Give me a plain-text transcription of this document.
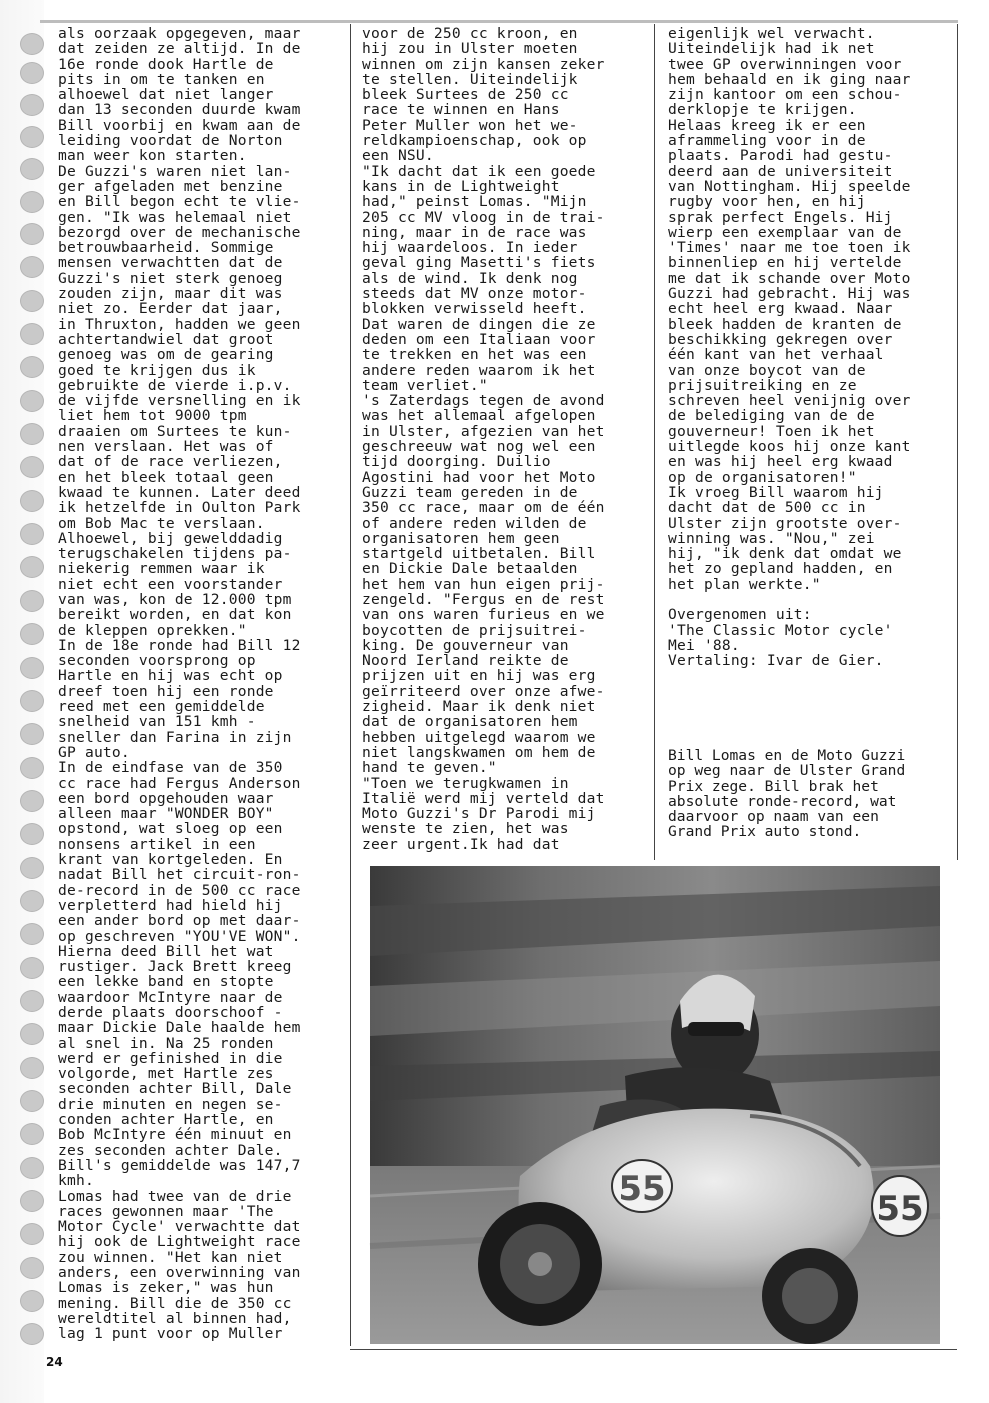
als oorzaak opgegeven, maar
dat zeiden ze altijd. In de
16e ronde dook Hartle de
pits in om te tanken en
alhoewel dat niet langer
dan 13 seconden duurde kwam
Bill voorbij en kwam aan de
leiding voordat de Norton
man weer kon starten.
De Guzzi's waren niet lan-
ger afgeladen met benzine
en Bill begon echt te vlie-
gen. "Ik was helemaal niet
bezorgd over de mechanische
betrouwbaarheid. Sommige
mensen verwachtten dat de
Guzzi's niet sterk genoeg
zouden zijn, maar dit was
niet zo. Eerder dat jaar,
in Thruxton, hadden we geen
achtertandwiel dat groot
genoeg was om de gearing
goed te krijgen dus ik
gebruikte de vierde i.p.v.
de vijfde versnelling en ik
liet hem tot 9000 tpm
draaien om Surtees te kun-
nen verslaan. Het was of
dat of de race verliezen,
en het bleek totaal geen
kwaad te kunnen. Later deed
ik hetzelfde in Oulton Park
om Bob Mac te verslaan.
Alhoewel, bij gewelddadig
terugschakelen tijdens pa-
niekerig remmen waar ik
niet echt een voorstander
van was, kon de 12.000 tpm
bereikt worden, en dat kon
de kleppen oprekken."
In de 18e ronde had Bill 12
seconden voorsprong op
Hartle en hij was echt op
dreef toen hij een ronde
reed met een gemiddelde
snelheid van 151 kmh -
sneller dan Farina in zijn
GP auto.
In de eindfase van de 350
cc race had Fergus Anderson
een bord opgehouden waar
alleen maar "WONDER BOY"
opstond, wat sloeg op een
nonsens artikel in een
krant van kortgeleden. En
nadat Bill het circuit-ron-
de-record in de 500 cc race
verpletterd had hield hij
een ander bord op met daar-
op geschreven "YOU'VE WON".
Hierna deed Bill het wat
rustiger. Jack Brett kreeg
een lekke band en stopte
waardoor McIntyre naar de
derde plaats doorschoof -
maar Dickie Dale haalde hem
al snel in. Na 25 ronden
werd er gefinished in die
volgorde, met Hartle zes
seconden achter Bill, Dale
drie minuten en negen se-
conden achter Hartle, en
Bob McIntyre één minuut en
zes seconden achter Dale.
Bill's gemiddelde was 147,7
kmh.
Lomas had twee van de drie
races gewonnen maar 'The
Motor Cycle' verwachtte dat
hij ook de Lightweight race
zou winnen. "Het kan niet
anders, een overwinning van
Lomas is zeker," was hun
mening. Bill die de 350 cc
wereldtitel al binnen had,
lag 1 punt voor op Muller
voor de 250 cc kroon, en
hij zou in Ulster moeten
winnen om zijn kansen zeker
te stellen. Uiteindelijk
bleek Surtees de 250 cc
race te winnen en Hans
Peter Muller won het we-
reldkampioenschap, ook op
een NSU.
"Ik dacht dat ik een goede
kans in de Lightweight
had," peinst Lomas. "Mijn
205 cc MV vloog in de trai-
ning, maar in de race was
hij waardeloos. In ieder
geval ging Masetti's fiets
als de wind. Ik denk nog
steeds dat MV onze motor-
blokken verwisseld heeft.
Dat waren de dingen die ze
deden om een Italiaan voor
te trekken en het was een
andere reden waarom ik het
team verliet."
's Zaterdags tegen de avond
was het allemaal afgelopen
in Ulster, afgezien van het
geschreeuw wat nog wel een
tijd doorging. Duilio
Agostini had voor het Moto
Guzzi team gereden in de
350 cc race, maar om de één
of andere reden wilden de
organisatoren hem geen
startgeld uitbetalen. Bill
en Dickie Dale betaalden
het hem van hun eigen prij-
zengeld. "Fergus en de rest
van ons waren furieus en we
boycotten de prijsuitrei-
king. De gouverneur van
Noord Ierland reikte de
prijzen uit en hij was erg
geïrriteerd over onze afwe-
zigheid. Maar ik denk niet
dat de organisatoren hem
hebben uitgelegd waarom we
niet langskwamen om hem de
hand te geven."
"Toen we terugkwamen in
Italië werd mij verteld dat
Moto Guzzi's Dr Parodi mij
wenste te zien, het was
zeer urgent.Ik had dat
eigenlijk wel verwacht.
Uiteindelijk had ik net
twee GP overwinningen voor
hem behaald en ik ging naar
zijn kantoor om een schou-
derklopje te krijgen.
Helaas kreeg ik er een
aframmeling voor in de
plaats. Parodi had gestu-
deerd aan de universiteit
van Nottingham. Hij speelde
rugby voor hen, en hij
sprak perfect Engels. Hij
wierp een exemplaar van de
'Times' naar me toe toen ik
binnenliep en hij vertelde
me dat ik schande over Moto
Guzzi had gebracht. Hij was
echt heel erg kwaad. Naar
bleek hadden de kranten de
beschikking gekregen over
één kant van het verhaal
van onze boycot van de
prijsuitreiking en ze
schreven heel venijnig over
de belediging van de de
gouverneur! Toen ik het
uitlegde koos hij onze kant
en was hij heel erg kwaad
op de organisatoren!"
Ik vroeg Bill waarom hij
dacht dat de 500 cc in
Ulster zijn grootste over-
winning was. "Nou," zei
hij, "ik denk dat omdat we
het zo gepland hadden, en
het plan werkte."

Overgenomen uit:
'The Classic Motor cycle'
Mei '88.
Vertaling: Ivar de Gier.
Bill Lomas en de Moto Guzzi
op weg naar de Ulster Grand
Prix zege. Bill brak het
absolute ronde-record, wat
daarvoor op naam van een
Grand Prix auto stond.
55	55
24
